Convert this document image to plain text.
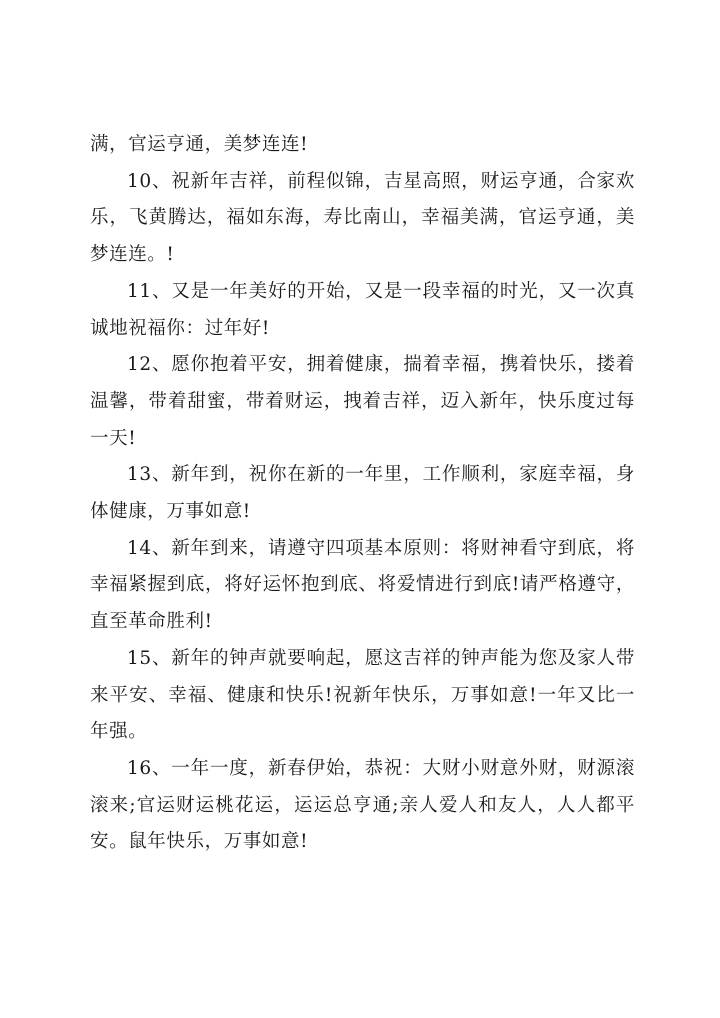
满，官运亨通，美梦连连!

10、祝新年吉祥，前程似锦，吉星高照，财运亨通，合家欢乐，飞黄腾达，福如东海，寿比南山，幸福美满，官运亨通，美梦连连。!

11、又是一年美好的开始，又是一段幸福的时光，又一次真诚地祝福你：过年好!

12、愿你抱着平安，拥着健康，揣着幸福，携着快乐，搂着温馨，带着甜蜜，带着财运，拽着吉祥，迈入新年，快乐度过每一天!

13、新年到，祝你在新的一年里，工作顺利，家庭幸福，身体健康，万事如意!

14、新年到来，请遵守四项基本原则：将财神看守到底，将幸福紧握到底，将好运怀抱到底、将爱情进行到底!请严格遵守，直至革命胜利!

15、新年的钟声就要响起，愿这吉祥的钟声能为您及家人带来平安、幸福、健康和快乐!祝新年快乐，万事如意!一年又比一年强。

16、一年一度，新春伊始，恭祝：大财小财意外财，财源滚滚来;官运财运桃花运，运运总亨通;亲人爱人和友人，人人都平安。鼠年快乐，万事如意!
